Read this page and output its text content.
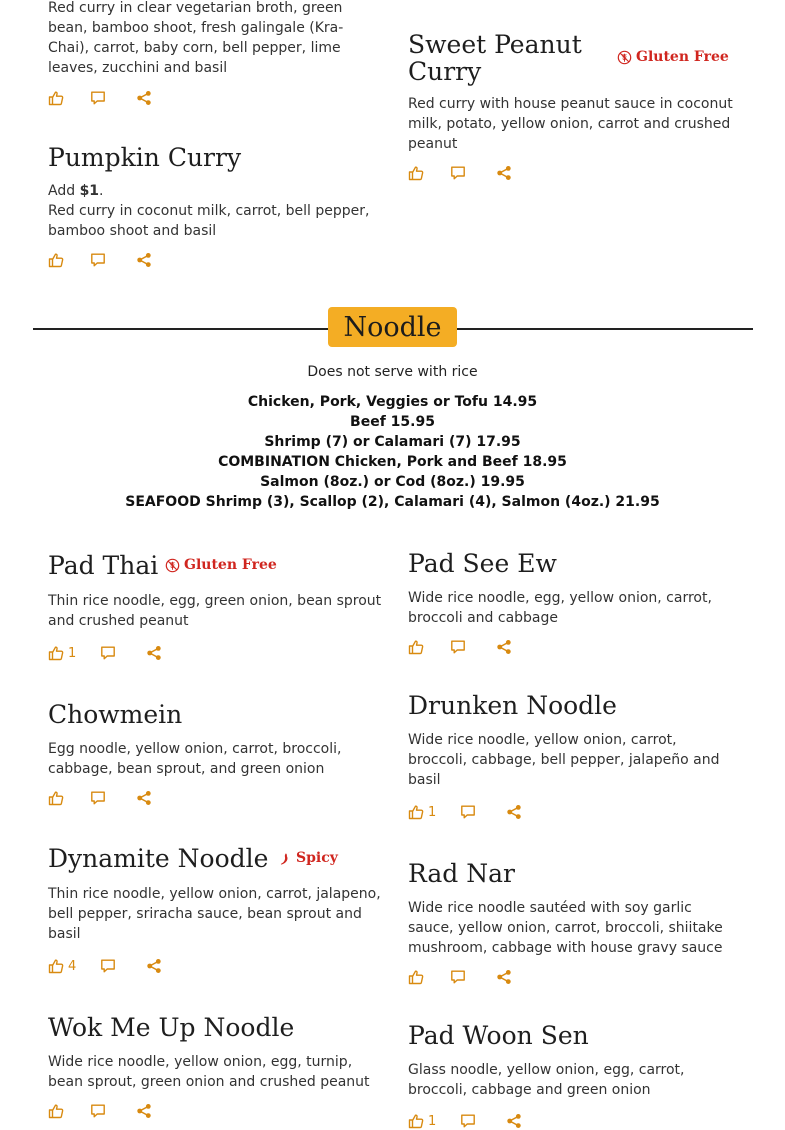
Red curry in clear vegetarian broth, green
bean, bamboo shoot, fresh galingale (Kra-
Chai), carrot, baby corn, bell pepper, lime
leaves, zucchini and basil
Sweet Peanut
Curry	Gluten Free
Red curry with house peanut sauce in coconut
milk, potato, yellow onion, carrot and crushed
peanut
Pumpkin Curry
Add $1.
Red curry in coconut milk, carrot, bell pepper,
bamboo shoot and basil
Noodle
Does not serve with rice
Chicken, Pork, Veggies or Tofu 14.95
Beef 15.95
Shrimp (7) or Calamari (7) 17.95
COMBINATION Chicken, Pork and Beef 18.95
Salmon (8oz.) or Cod (8oz.) 19.95
SEAFOOD Shrimp (3), Scallop (2), Calamari (4), Salmon (4oz.) 21.95
Pad Thai Gluten Free
Thin rice noodle, egg, green onion, bean sprout
and crushed peanut
1
Pad See Ew
Wide rice noodle, egg, yellow onion, carrot,
broccoli and cabbage
Chowmein
Egg noodle, yellow onion, carrot, broccoli,
cabbage, bean sprout, and green onion
Drunken Noodle
Wide rice noodle, yellow onion, carrot,
broccoli, cabbage, bell pepper, jalapeño and
basil
1
Dynamite Noodle Spicy
Thin rice noodle, yellow onion, carrot, jalapeno,
bell pepper, sriracha sauce, bean sprout and
basil
4
Rad Nar
Wide rice noodle sautéed with soy garlic
sauce, yellow onion, carrot, broccoli, shiitake
mushroom, cabbage with house gravy sauce
Wok Me Up Noodle
Wide rice noodle, yellow onion, egg, turnip,
bean sprout, green onion and crushed peanut
Pad Woon Sen
Glass noodle, yellow onion, egg, carrot,
broccoli, cabbage and green onion
1
